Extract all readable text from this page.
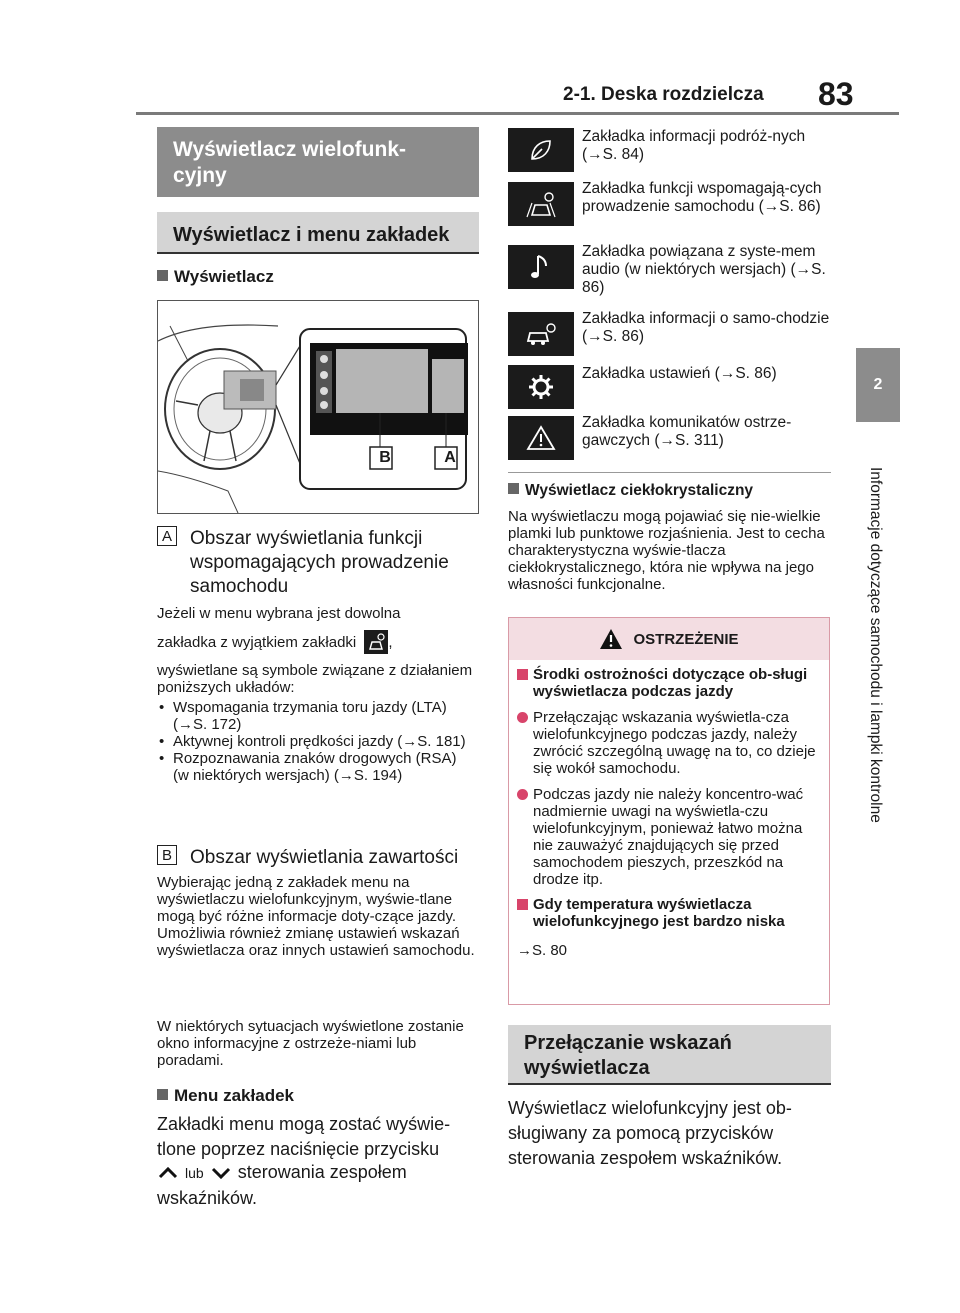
2-1. Deska rozdzielcza 83
2
Informacje dotyczące samochodu i lampki kontrolne
Wyświetlacz wielofunk-
cyjny
Wyświetlacz i menu zakładek
Wyświetlacz
B	A
A Obszar wyświetlania funkcji wspomagających prowadzenie samochodu
Jeżeli w menu wybrana jest dowolna
zakładka z wyjątkiem zakładki ,
wyświetlane są symbole związane z działaniem poniższych układów:
• Wspomagania trzymania toru jazdy (LTA) (→S. 172)
• Aktywnej kontroli prędkości jazdy (→S. 181)
• Rozpoznawania znaków drogowych (RSA) (w niektórych wersjach) (→S. 194)
B Obszar wyświetlania zawartości
Wybierając jedną z zakładek menu na wyświetlaczu wielofunkcyjnym, wyświe-tlane mogą być różne informacje doty-czące jazdy.
Umożliwia również zmianę ustawień wskazań wyświetlacza oraz innych ustawień samochodu.
W niektórych sytuacjach wyświetlone zostanie okno informacyjne z ostrzeże-niami lub poradami.
Menu zakładek
Zakładki menu mogą zostać wyświe-tlone poprzez naciśnięcie przycisku
lub sterowania zespołem
wskaźników.
Zakładka informacji podróż-nych (→S. 84)
Zakładka funkcji wspomagają-cych prowadzenie samochodu (→S. 86)
Zakładka powiązana z syste-mem audio (w niektórych wersjach) (→S. 86)
Zakładka informacji o samo-chodzie (→S. 86)
Zakładka ustawień (→S. 86)
Zakładka komunikatów ostrze-gawczych (→S. 311)
Wyświetlacz ciekłokrystaliczny
Na wyświetlaczu mogą pojawiać się nie-wielkie plamki lub punktowe rozjaśnienia. Jest to cecha charakterystyczna wyświe-tlacza ciekłokrystalicznego, która nie wpływa na jego własności funkcjonalne.
OSTRZEŻENIE
Środki ostrożności dotyczące ob-sługi wyświetlacza podczas jazdy
Przełączając wskazania wyświetla-cza wielofunkcyjnego podczas jazdy, należy zwrócić szczególną uwagę na to, co dzieje się wokół samochodu.
Podczas jazdy nie należy koncentro-wać nadmiernie uwagi na wyświetla-czu wielofunkcyjnym, ponieważ łatwo można nie zauważyć znajdujących się przed samochodem pieszych, przeszkód na drodze itp.
Gdy temperatura wyświetlacza wielofunkcyjnego jest bardzo niska
→S. 80
Przełączanie wskazań
wyświetlacza
Wyświetlacz wielofunkcyjny jest ob-sługiwany za pomocą przycisków sterowania zespołem wskaźników.
